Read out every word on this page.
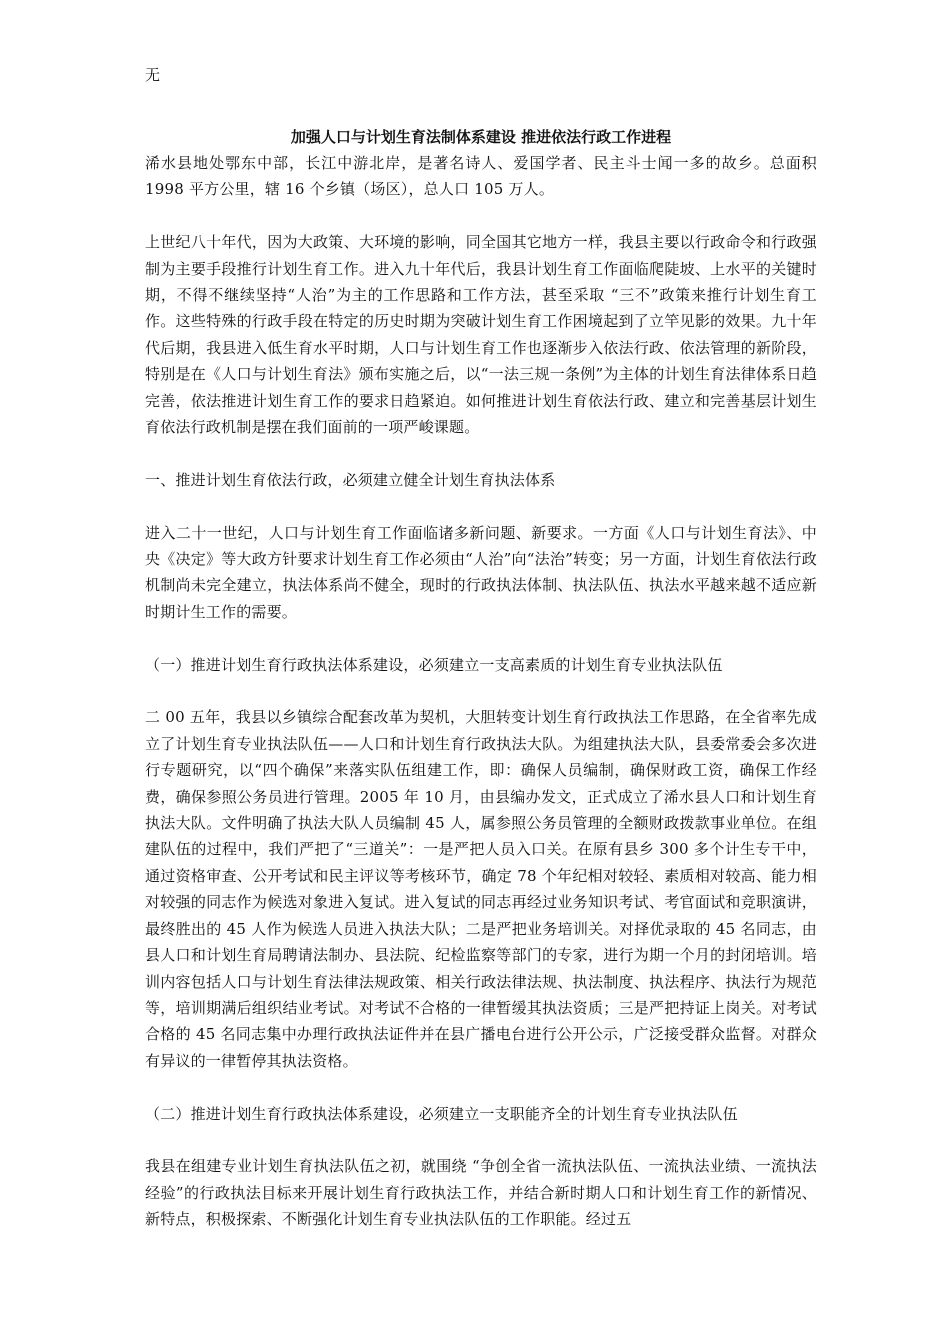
无
加强人口与计划生育法制体系建设 推进依法行政工作进程

浠水县地处鄂东中部，长江中游北岸，是著名诗人、爱国学者、民主斗士闻一多的故乡。总面积 1998 平方公里，辖 16 个乡镇（场区），总人口 105 万人。

上世纪八十年代，因为大政策、大环境的影响，同全国其它地方一样，我县主要以行政命令和行政强制为主要手段推行计划生育工作。进入九十年代后，我县计划生育工作面临爬陡坡、上水平的关键时期，不得不继续坚持“人治”为主的工作思路和工作方法，甚至采取 “三不”政策来推行计划生育工作。这些特殊的行政手段在特定的历史时期为突破计划生育工作困境起到了立竿见影的效果。九十年代后期，我县进入低生育水平时期，人口与计划生育工作也逐渐步入依法行政、依法管理的新阶段，特别是在《人口与计划生育法》颁布实施之后，以“一法三规一条例”为主体的计划生育法律体系日趋完善，依法推进计划生育工作的要求日趋紧迫。如何推进计划生育依法行政、建立和完善基层计划生育依法行政机制是摆在我们面前的一项严峻课题。

一、推进计划生育依法行政，必须建立健全计划生育执法体系

进入二十一世纪，人口与计划生育工作面临诸多新问题、新要求。一方面《人口与计划生育法》、中央《决定》等大政方针要求计划生育工作必须由“人治”向“法治”转变；另一方面，计划生育依法行政机制尚未完全建立，执法体系尚不健全，现时的行政执法体制、执法队伍、执法水平越来越不适应新时期计生工作的需要。

（一）推进计划生育行政执法体系建设，必须建立一支高素质的计划生育专业执法队伍

二 00 五年，我县以乡镇综合配套改革为契机，大胆转变计划生育行政执法工作思路，在全省率先成立了计划生育专业执法队伍——人口和计划生育行政执法大队。为组建执法大队，县委常委会多次进行专题研究，以“四个确保”来落实队伍组建工作，即：确保人员编制，确保财政工资，确保工作经费，确保参照公务员进行管理。2005 年 10 月，由县编办发文，正式成立了浠水县人口和计划生育执法大队。文件明确了执法大队人员编制 45 人，属参照公务员管理的全额财政拨款事业单位。在组建队伍的过程中，我们严把了“三道关”：一是严把人员入口关。在原有县乡 300 多个计生专干中，通过资格审查、公开考试和民主评议等考核环节，确定 78 个年纪相对较轻、素质相对较高、能力相对较强的同志作为候选对象进入复试。进入复试的同志再经过业务知识考试、考官面试和竞职演讲，最终胜出的 45 人作为候选人员进入执法大队；二是严把业务培训关。对择优录取的 45 名同志，由县人口和计划生育局聘请法制办、县法院、纪检监察等部门的专家，进行为期一个月的封闭培训。培训内容包括人口与计划生育法律法规政策、相关行政法律法规、执法制度、执法程序、执法行为规范等，培训期满后组织结业考试。对考试不合格的一律暂缓其执法资质；三是严把持证上岗关。对考试合格的 45 名同志集中办理行政执法证件并在县广播电台进行公开公示，广泛接受群众监督。对群众有异议的一律暂停其执法资格。

（二）推进计划生育行政执法体系建设，必须建立一支职能齐全的计划生育专业执法队伍

我县在组建专业计划生育执法队伍之初，就围绕 “争创全省一流执法队伍、一流执法业绩、一流执法经验”的行政执法目标来开展计划生育行政执法工作，并结合新时期人口和计划生育工作的新情况、新特点，积极探索、不断强化计划生育专业执法队伍的工作职能。经过五
